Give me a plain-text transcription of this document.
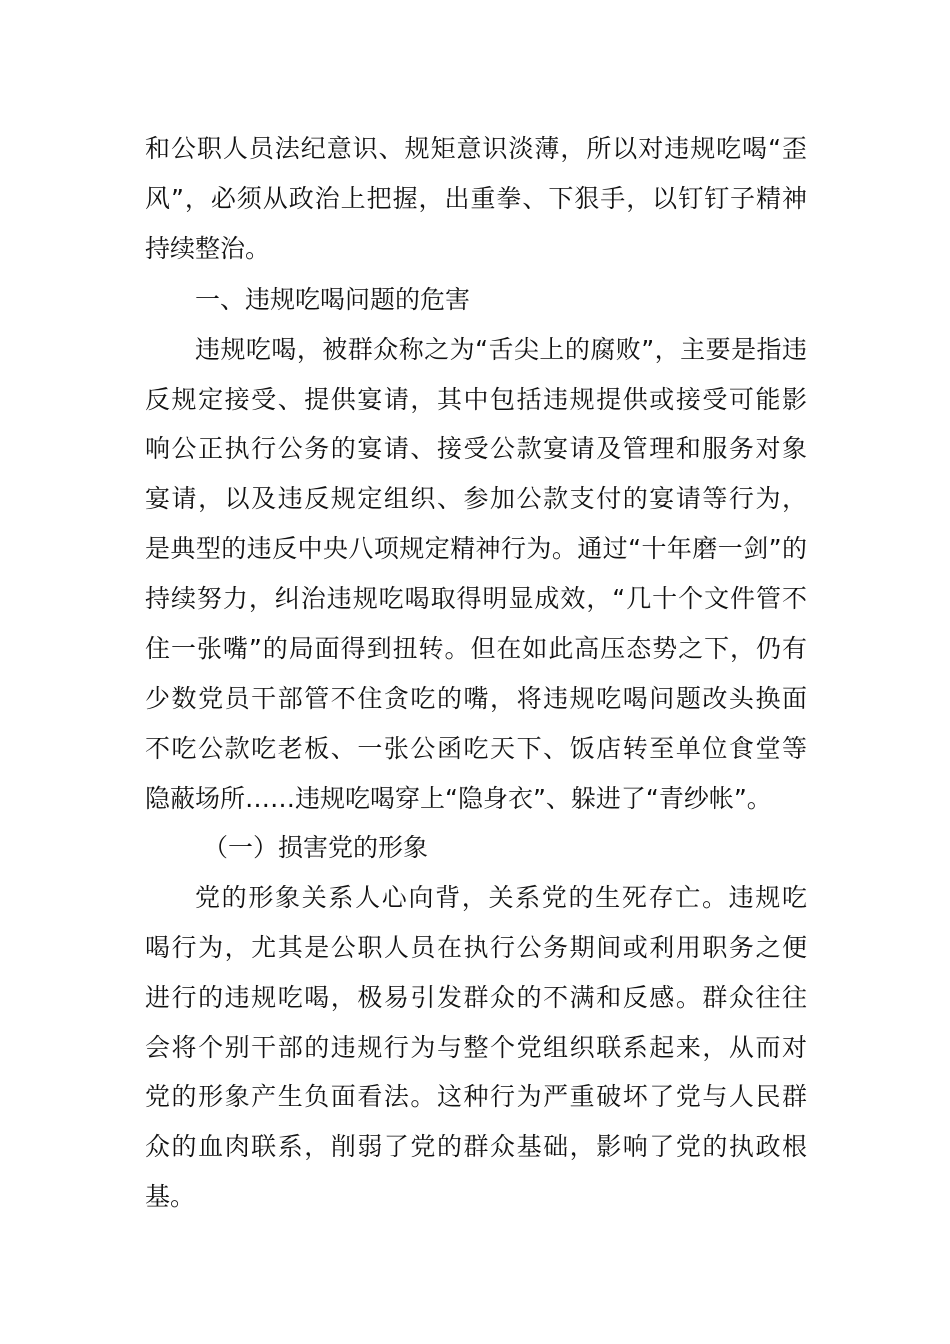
和公职人员法纪意识、规矩意识淡薄，所以对违规吃喝“歪
风”，必须从政治上把握，出重拳、下狠手，以钉钉子精神
持续整治。
一、违规吃喝问题的危害
违规吃喝，被群众称之为“舌尖上的腐败”，主要是指违
反规定接受、提供宴请，其中包括违规提供或接受可能影
响公正执行公务的宴请、接受公款宴请及管理和服务对象
宴请，以及违反规定组织、参加公款支付的宴请等行为，
是典型的违反中央八项规定精神行为。通过“十年磨一剑”的
持续努力，纠治违规吃喝取得明显成效，“几十个文件管不
住一张嘴”的局面得到扭转。但在如此高压态势之下，仍有
少数党员干部管不住贪吃的嘴，将违规吃喝问题改头换面
不吃公款吃老板、一张公函吃天下、饭店转至单位食堂等
隐蔽场所……违规吃喝穿上“隐身衣”、躲进了“青纱帐”。
（一）损害党的形象
党的形象关系人心向背，关系党的生死存亡。违规吃
喝行为，尤其是公职人员在执行公务期间或利用职务之便
进行的违规吃喝，极易引发群众的不满和反感。群众往往
会将个别干部的违规行为与整个党组织联系起来，从而对
党的形象产生负面看法。这种行为严重破坏了党与人民群
众的血肉联系，削弱了党的群众基础，影响了党的执政根
基。
